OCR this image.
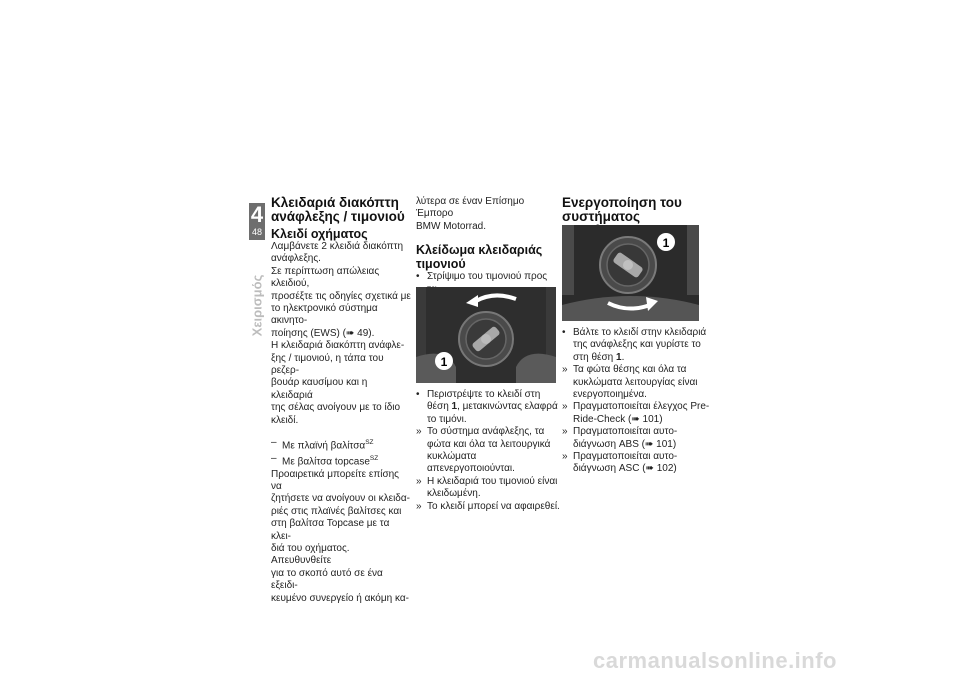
4
48
Χειρισμός
Κλειδαριά διακόπτη
ανάφλεξης / τιμονιού
Κλειδί οχήματος
Λαμβάνετε 2 κλειδιά διακόπτη
ανάφλεξης.
Σε περίπτωση απώλειας κλειδιού,
προσέξτε τις οδηγίες σχετικά με
το ηλεκτρονικό σύστημα ακινητο-
ποίησης (EWS) (➠ 49).
Η κλειδαριά διακόπτη ανάφλε-
ξης / τιμονιού, η τάπα του ρεζερ-
βουάρ καυσίμου και η κλειδαριά
της σέλας ανοίγουν με το ίδιο
κλειδί.
– Με πλαϊνή βαλίτσα$^{SZ}$
– Με βαλίτσα topcase$^{SZ}$
Προαιρετικά μπορείτε επίσης να
ζητήσετε να ανοίγουν οι κλειδα-
ριές στις πλαϊνές βαλίτσες και
στη βαλίτσα Topcase με τα κλει-
διά του οχήματος. Απευθυνθείτε
για το σκοπό αυτό σε ένα εξειδι-
κευμένο συνεργείο ή ακόμη κα-
λύτερα σε έναν Επίσημο Έμπορο
BMW Motorrad.
Κλείδωμα κλειδαριάς
τιμονιού
• Στρίψιμο του τιμονιού προς

1
• Περιστρέψτε το κλειδί στη
θέση 1, μετακινώντας ελαφρά
το τιμόνι.
» Το σύστημα ανάφλεξης, τα
φώτα και όλα τα λειτουργικά
κυκλώματα απενεργοποιούνται.
» Η κλειδαριά του τιμονιού είναι
κλειδωμένη.
» Το κλειδί μπορεί να αφαιρεθεί.
Ενεργοποίηση του
συστήματος
1
• Βάλτε το κλειδί στην κλειδαριά
της ανάφλεξης και γυρίστε το
στη θέση 1.
» Τα φώτα θέσης και όλα τα
κυκλώματα λειτουργίας είναι
ενεργοποιημένα.
» Πραγματοποιείται έλεγχος Pre-
Ride-Check (➠ 101)
» Πραγματοποιείται αυτο-
διάγνωση ABS (➠ 101)
» Πραγματοποιείται αυτο-
διάγνωση ASC (➠ 102)
carmanualsonline.info
